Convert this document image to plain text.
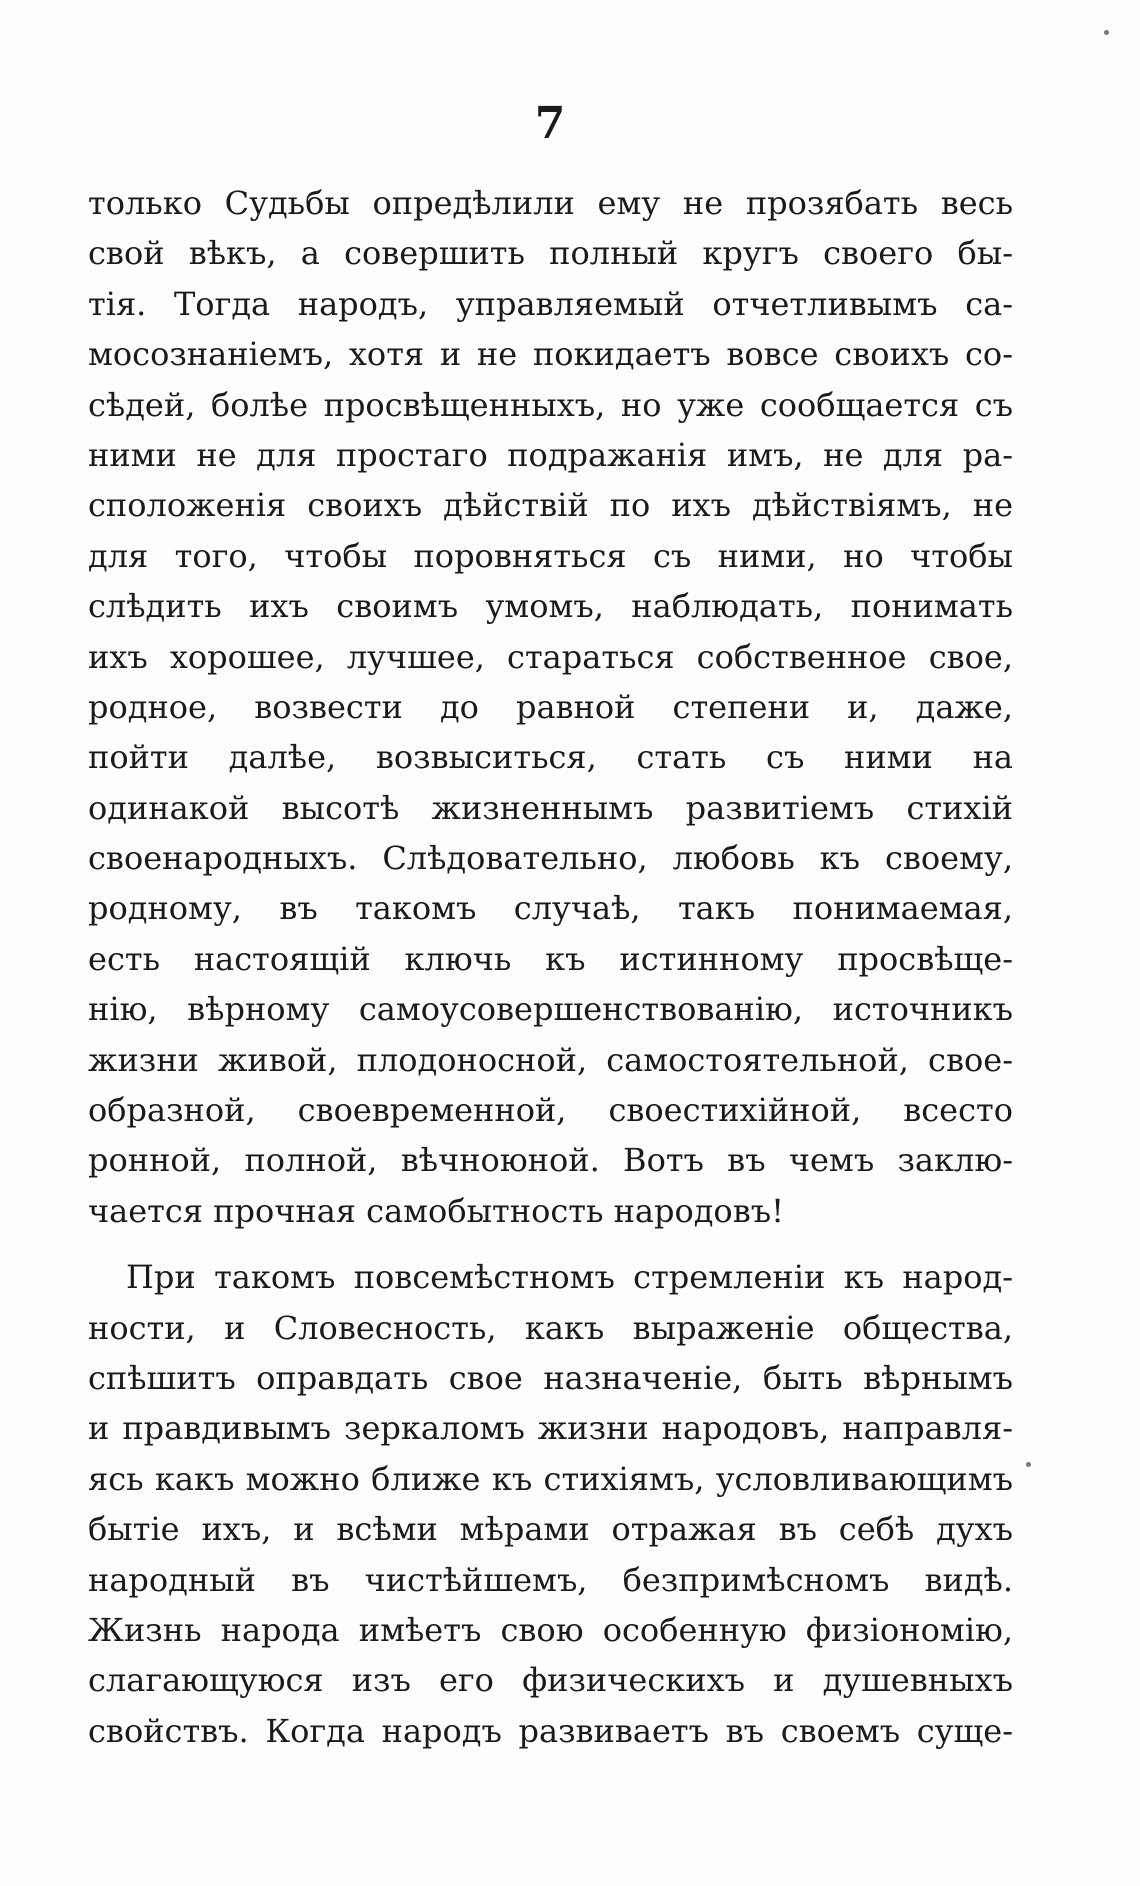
7
только Судьбы опредѣлили ему не прозябать весь
свой вѣкъ, а совершить полный кругъ своего бы-
тія. Тогда народъ, управляемый отчетливымъ са-
мосознаніемъ, хотя и не покидаетъ вовсе своихъ со-
сѣдей, болѣе просвѣщенныхъ, но уже сообщается съ
ними не для простаго подражанія имъ, не для ра-
сположенія своихъ дѣйствій по ихъ дѣйствіямъ, не
для того, чтобы поровняться съ ними, но чтобы
слѣдить ихъ своимъ умомъ, наблюдать, понимать
ихъ хорошее, лучшее, стараться собственное свое,
родное, возвести до равной степени и, даже,
пойти далѣе, возвыситься, стать съ ними на
одинакой высотѣ жизненнымъ развитіемъ стихій
своенародныхъ. Слѣдовательно, любовь къ своему,
родному, въ такомъ случаѣ, такъ понимаемая,
есть настоящій ключь къ истинному просвѣще-
нію, вѣрному самоусовершенствованію, источникъ
жизни живой, плодоносной, самостоятельной, свое-
образной, своевременной, своестихійной, всесто
ронной, полной, вѣчноюной. Вотъ въ чемъ заклю-
чается прочная самобытность народовъ!
При такомъ повсемѣстномъ стремленіи къ народ-
ности, и Словесность, какъ выраженіе общества,
спѣшитъ оправдать свое назначеніе, быть вѣрнымъ
и правдивымъ зеркаломъ жизни народовъ, направля-
ясь какъ можно ближе къ стихіямъ, условливающимъ
бытіе ихъ, и всѣми мѣрами отражая въ себѣ духъ
народный въ чистѣйшемъ, безпримѣсномъ видѣ.
Жизнь народа имѣетъ свою особенную физіономію,
слагающуюся изъ его физическихъ и душевныхъ
свойствъ. Когда народъ развиваетъ въ своемъ суще-
